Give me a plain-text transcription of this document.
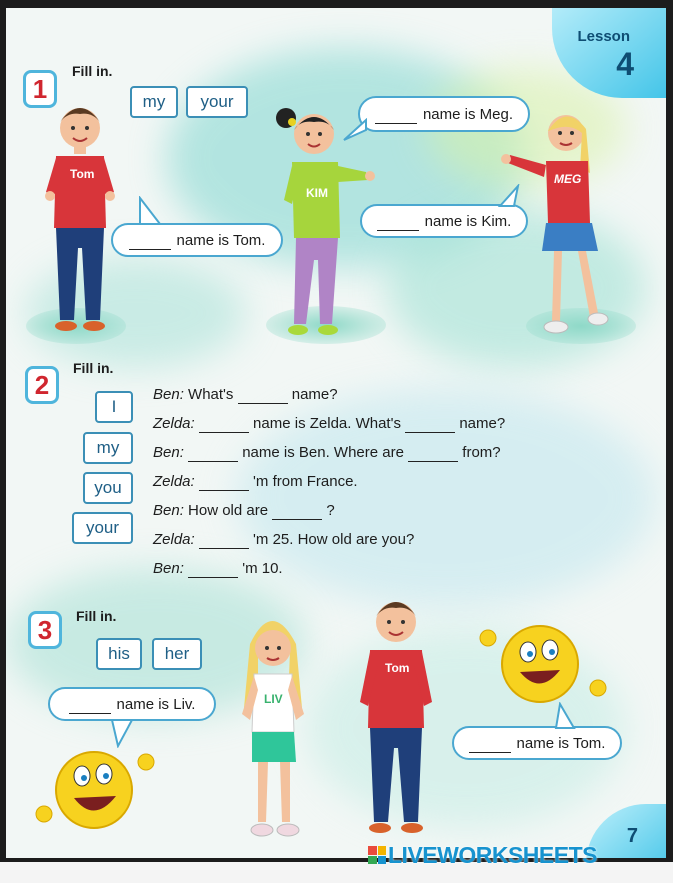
Lesson
4
1
Fill in.
my	your
name is Meg.
name is Kim.
name is Tom.
Tom
KIM
MEG
2
Fill in.
I
my
you
your
Ben: What's	name?
Zelda:	name is Zelda. What's	name?
Ben:	name is Ben. Where are	from?
Zelda:	'm from France.
Ben: How old are	?
Zelda:	'm 25. How old are you?
Ben:	'm 10.
3	Fill in.
his	her
name is Liv.
name is Tom.
LIV
Tom
7
LIVEWORKSHEETS
